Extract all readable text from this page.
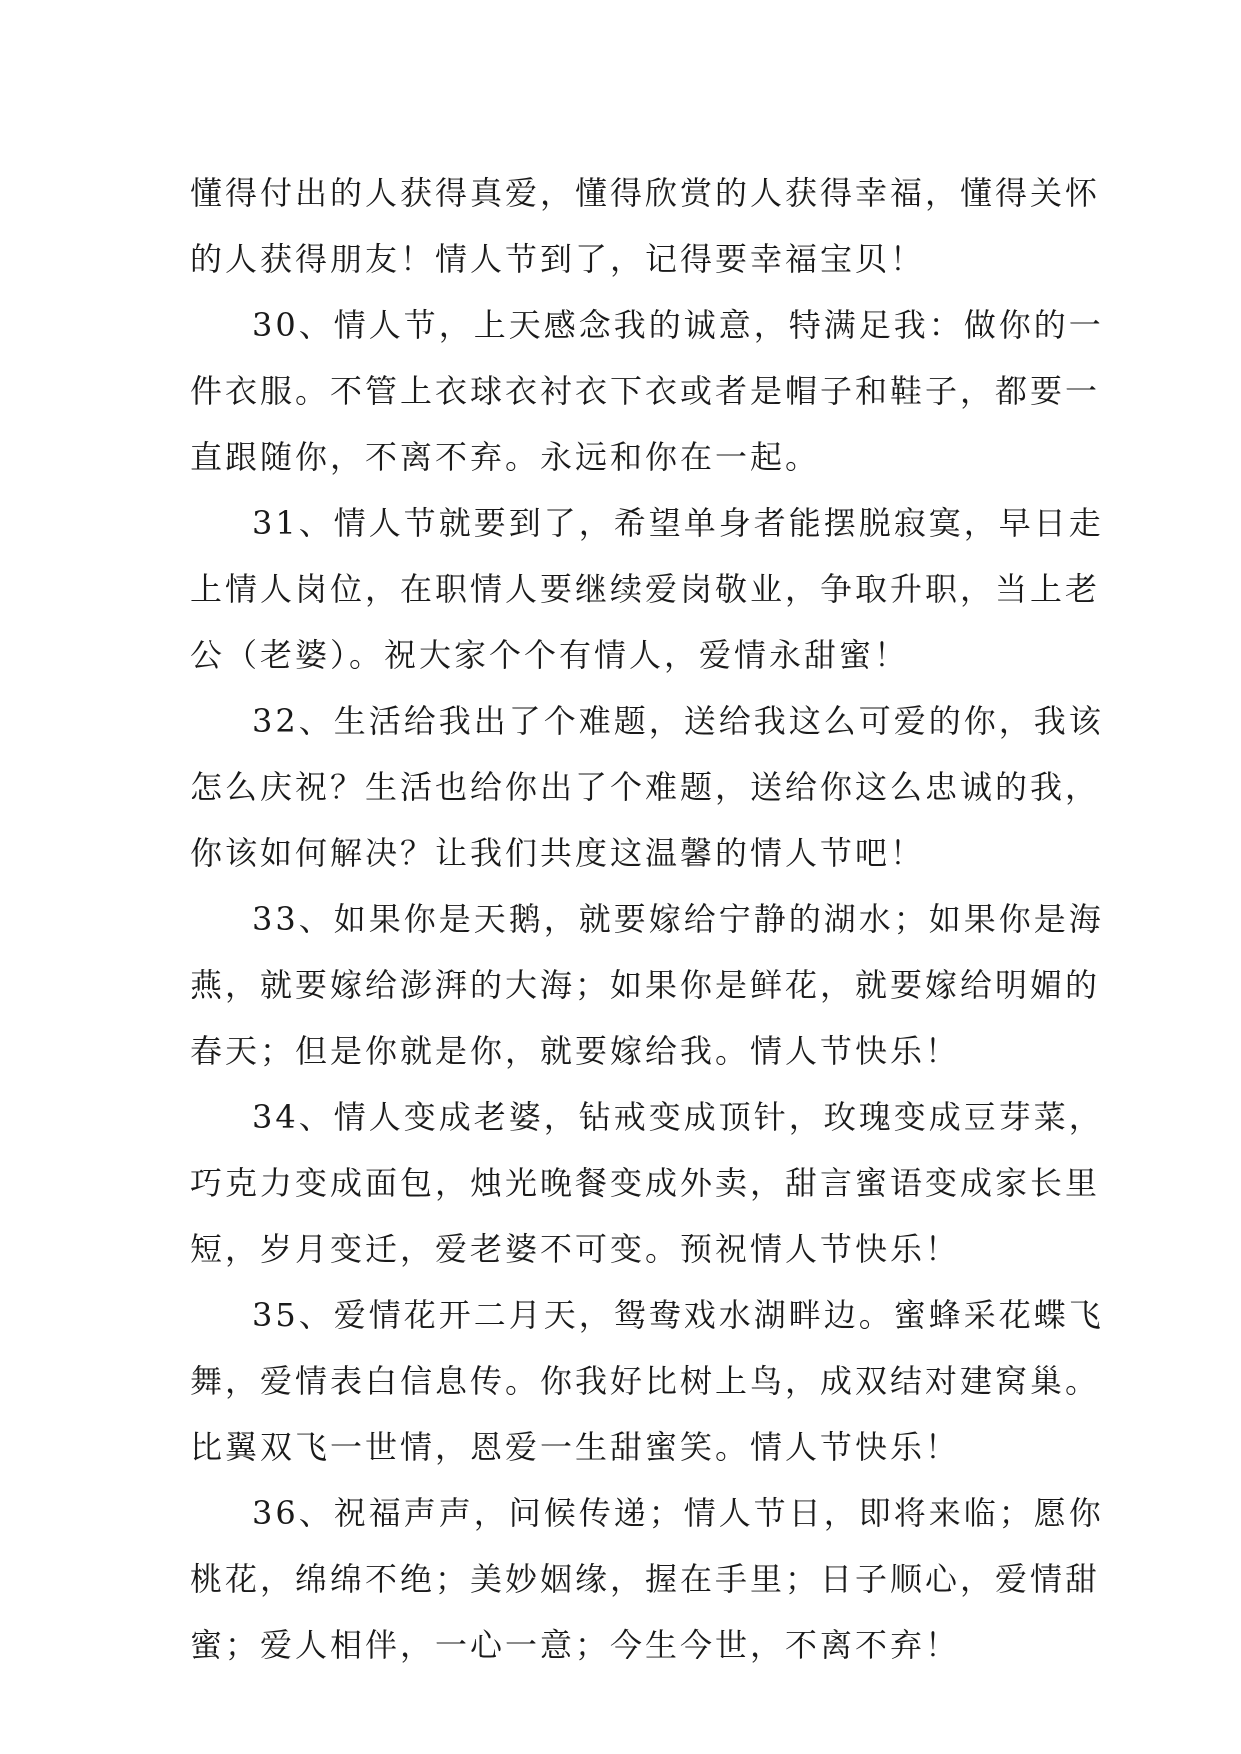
懂得付出的人获得真爱，懂得欣赏的人获得幸福，懂得关怀
的人获得朋友！情人节到了，记得要幸福宝贝！
30、情人节，上天感念我的诚意，特满足我：做你的一
件衣服。不管上衣球衣衬衣下衣或者是帽子和鞋子，都要一
直跟随你，不离不弃。永远和你在一起。
31、情人节就要到了，希望单身者能摆脱寂寞，早日走
上情人岗位，在职情人要继续爱岗敬业，争取升职，当上老
公（老婆）。祝大家个个有情人，爱情永甜蜜！
32、生活给我出了个难题，送给我这么可爱的你，我该
怎么庆祝？生活也给你出了个难题，送给你这么忠诚的我，
你该如何解决？让我们共度这温馨的情人节吧！
33、如果你是天鹅，就要嫁给宁静的湖水；如果你是海
燕，就要嫁给澎湃的大海；如果你是鲜花，就要嫁给明媚的
春天；但是你就是你，就要嫁给我。情人节快乐！
34、情人变成老婆，钻戒变成顶针，玫瑰变成豆芽菜，
巧克力变成面包，烛光晚餐变成外卖，甜言蜜语变成家长里
短，岁月变迁，爱老婆不可变。预祝情人节快乐！
35、爱情花开二月天，鸳鸯戏水湖畔边。蜜蜂采花蝶飞
舞，爱情表白信息传。你我好比树上鸟，成双结对建窝巢。
比翼双飞一世情，恩爱一生甜蜜笑。情人节快乐！
36、祝福声声，问候传递；情人节日，即将来临；愿你
桃花，绵绵不绝；美妙姻缘，握在手里；日子顺心，爱情甜
蜜；爱人相伴，一心一意；今生今世，不离不弃！
